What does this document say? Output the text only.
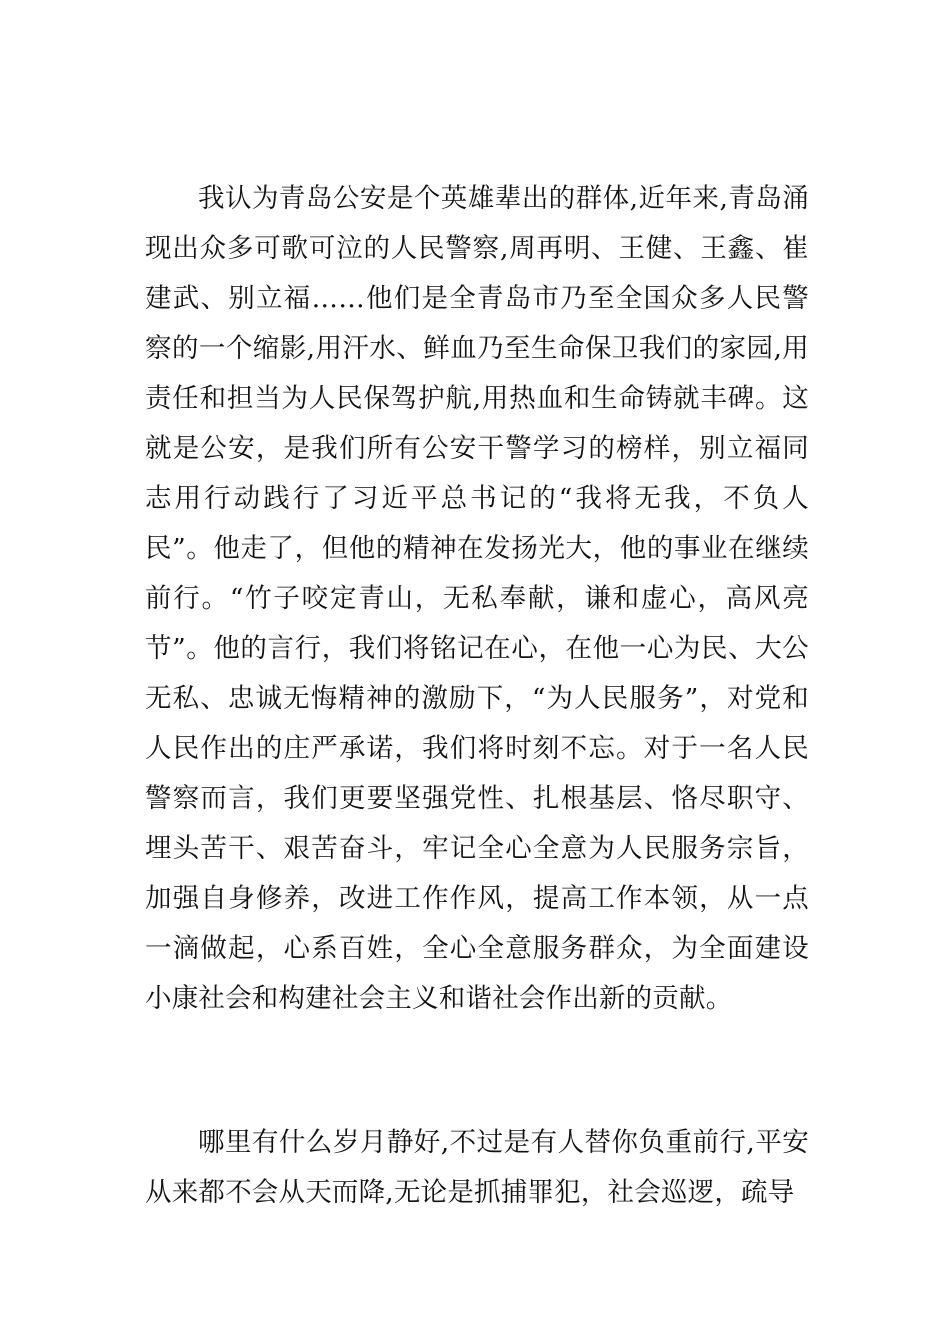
我认为青岛公安是个英雄辈出的群体,近年来,青岛涌现出众多可歌可泣的人民警察,周再明、王健、王鑫、崔建武、别立福……他们是全青岛市乃至全国众多人民警察的一个缩影,用汗水、鲜血乃至生命保卫我们的家园,用责任和担当为人民保驾护航,用热血和生命铸就丰碑。这就是公安，是我们所有公安干警学习的榜样，别立福同志用行动践行了习近平总书记的“我将无我，不负人民”。他走了，但他的精神在发扬光大，他的事业在继续前行。“竹子咬定青山，无私奉献，谦和虚心，高风亮节”。他的言行，我们将铭记在心，在他一心为民、大公无私、忠诚无悔精神的激励下，“为人民服务”，对党和人民作出的庄严承诺，我们将时刻不忘。对于一名人民警察而言，我们更要坚强党性、扎根基层、恪尽职守、埋头苦干、艰苦奋斗，牢记全心全意为人民服务宗旨，加强自身修养，改进工作作风，提高工作本领，从一点一滴做起，心系百姓，全心全意服务群众，为全面建设小康社会和构建社会主义和谐社会作出新的贡献。

哪里有什么岁月静好,不过是有人替你负重前行,平安从来都不会从天而降,无论是抓捕罪犯，社会巡逻，疏导
